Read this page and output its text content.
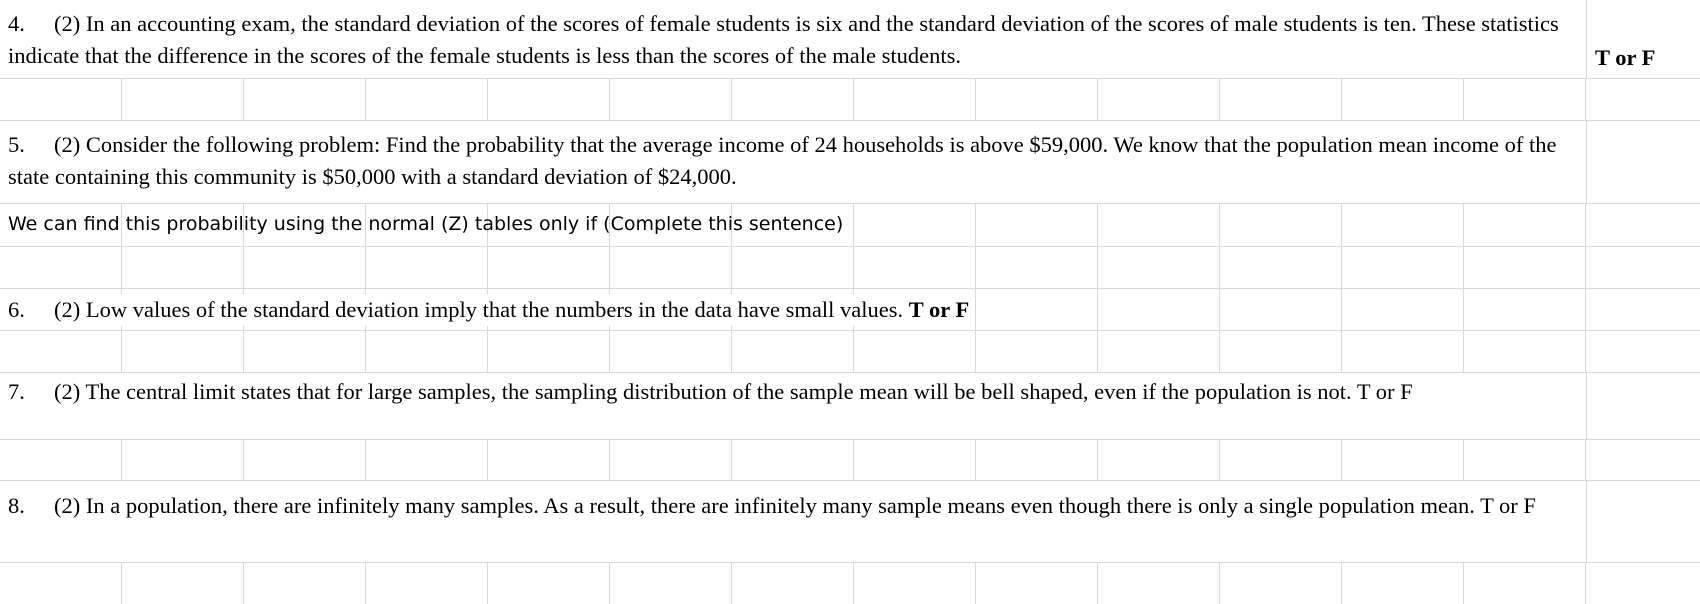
4. (2) In an accounting exam, the standard deviation of the scores of female students is six and the standard deviation of the scores of male students is ten. These statistics indicate that the difference in the scores of the female students is less than the scores of the male students.	T or F
5. (2) Consider the following problem: Find the probability that the average income of 24 households is above $59,000. We know that the population mean income of the state containing this community is $50,000 with a standard deviation of $24,000.
We can find this probability using the normal (Z) tables only if (Complete this sentence)
6. (2) Low values of the standard deviation imply that the numbers in the data have small values. T or F
7. (2) The central limit states that for large samples, the sampling distribution of the sample mean will be bell shaped, even if the population is not. T or F
8. (2) In a population, there are infinitely many samples. As a result, there are infinitely many sample means even though there is only a single population mean. T or F
